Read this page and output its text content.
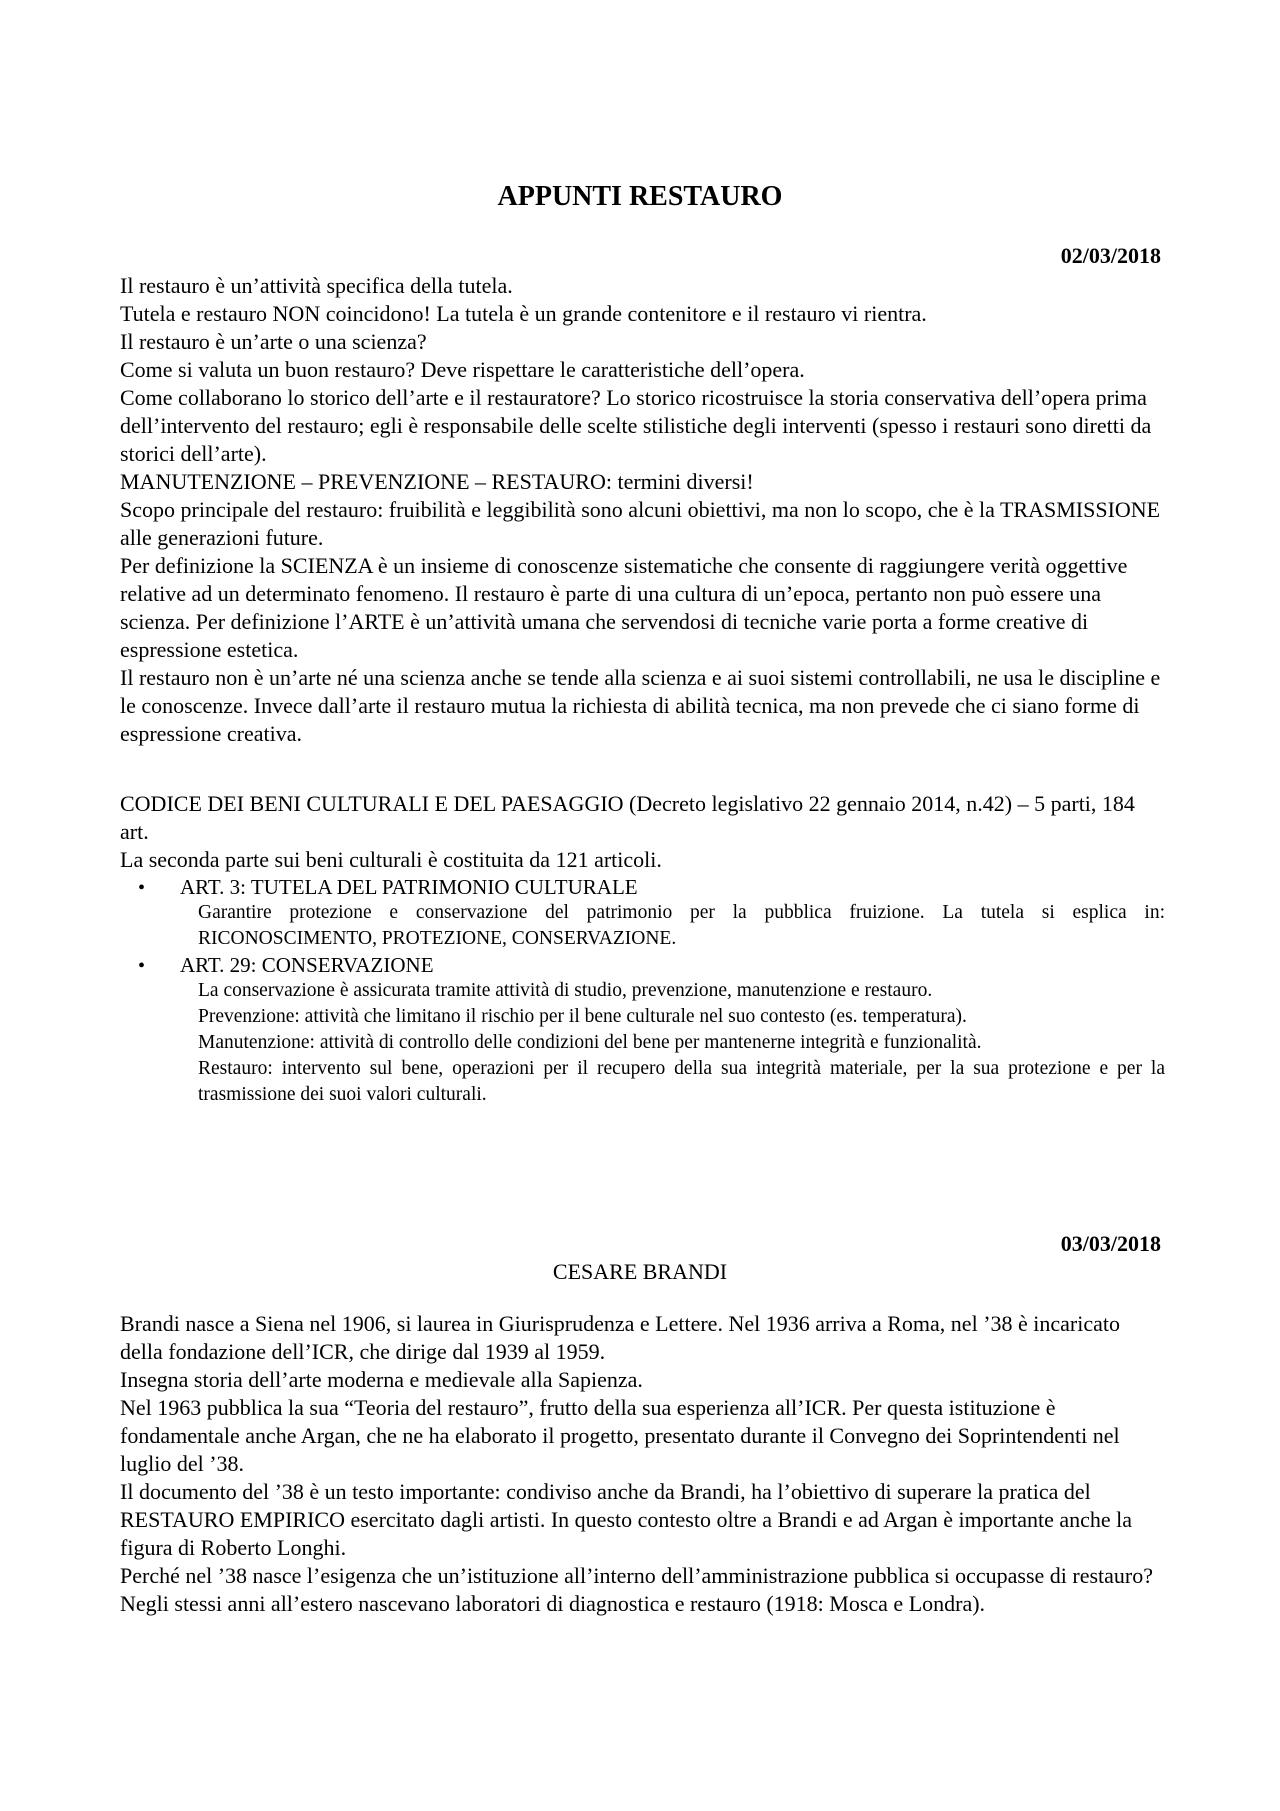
APPUNTI RESTAURO
02/03/2018

Il restauro è un’attività specifica della tutela.

Tutela e restauro NON coincidono! La tutela è un grande contenitore e il restauro vi rientra.

Il restauro è un’arte o una scienza?

Come si valuta un buon restauro? Deve rispettare le caratteristiche dell’opera.

Come collaborano lo storico dell’arte e il restauratore? Lo storico ricostruisce la storia conservativa dell’opera prima dell’intervento del restauro; egli è responsabile delle scelte stilistiche degli interventi (spesso i restauri sono diretti da storici dell’arte).

MANUTENZIONE – PREVENZIONE – RESTAURO: termini diversi!

Scopo principale del restauro: fruibilità e leggibilità sono alcuni obiettivi, ma non lo scopo, che è la TRASMISSIONE alle generazioni future.

Per definizione la SCIENZA è un insieme di conoscenze sistematiche che consente di raggiungere verità oggettive relative ad un determinato fenomeno. Il restauro è parte di una cultura di un’epoca, pertanto non può essere una scienza. Per definizione l’ARTE è un’attività umana che servendosi di tecniche varie porta a forme creative di espressione estetica.

Il restauro non è un’arte né una scienza anche se tende alla scienza e ai suoi sistemi controllabili, ne usa le discipline e le conoscenze. Invece dall’arte il restauro mutua la richiesta di abilità tecnica, ma non prevede che ci siano forme di espressione creativa.

CODICE DEI BENI CULTURALI E DEL PAESAGGIO (Decreto legislativo 22 gennaio 2014, n.42) – 5 parti, 184 art.

La seconda parte sui beni culturali è costituita da 121 articoli.

• ART. 3: TUTELA DEL PATRIMONIO CULTURALE

Garantire protezione e conservazione del patrimonio per la pubblica fruizione. La tutela si esplica in: RICONOSCIMENTO, PROTEZIONE, CONSERVAZIONE.

• ART. 29: CONSERVAZIONE

La conservazione è assicurata tramite attività di studio, prevenzione, manutenzione e restauro.

Prevenzione: attività che limitano il rischio per il bene culturale nel suo contesto (es. temperatura).

Manutenzione: attività di controllo delle condizioni del bene per mantenerne integrità e funzionalità.

Restauro: intervento sul bene, operazioni per il recupero della sua integrità materiale, per la sua protezione e per la trasmissione dei suoi valori culturali.

03/03/2018
CESARE BRANDI

Brandi nasce a Siena nel 1906, si laurea in Giurisprudenza e Lettere. Nel 1936 arriva a Roma, nel ’38 è incaricato della fondazione dell’ICR, che dirige dal 1939 al 1959.

Insegna storia dell’arte moderna e medievale alla Sapienza.

Nel 1963 pubblica la sua “Teoria del restauro”, frutto della sua esperienza all’ICR. Per questa istituzione è fondamentale anche Argan, che ne ha elaborato il progetto, presentato durante il Convegno dei Soprintendenti nel luglio del ’38.

Il documento del ’38 è un testo importante: condiviso anche da Brandi, ha l’obiettivo di superare la pratica del RESTAURO EMPIRICO esercitato dagli artisti. In questo contesto oltre a Brandi e ad Argan è importante anche la figura di Roberto Longhi.

Perché nel ’38 nasce l’esigenza che un’istituzione all’interno dell’amministrazione pubblica si occupasse di restauro? Negli stessi anni all’estero nascevano laboratori di diagnostica e restauro (1918: Mosca e Londra).
